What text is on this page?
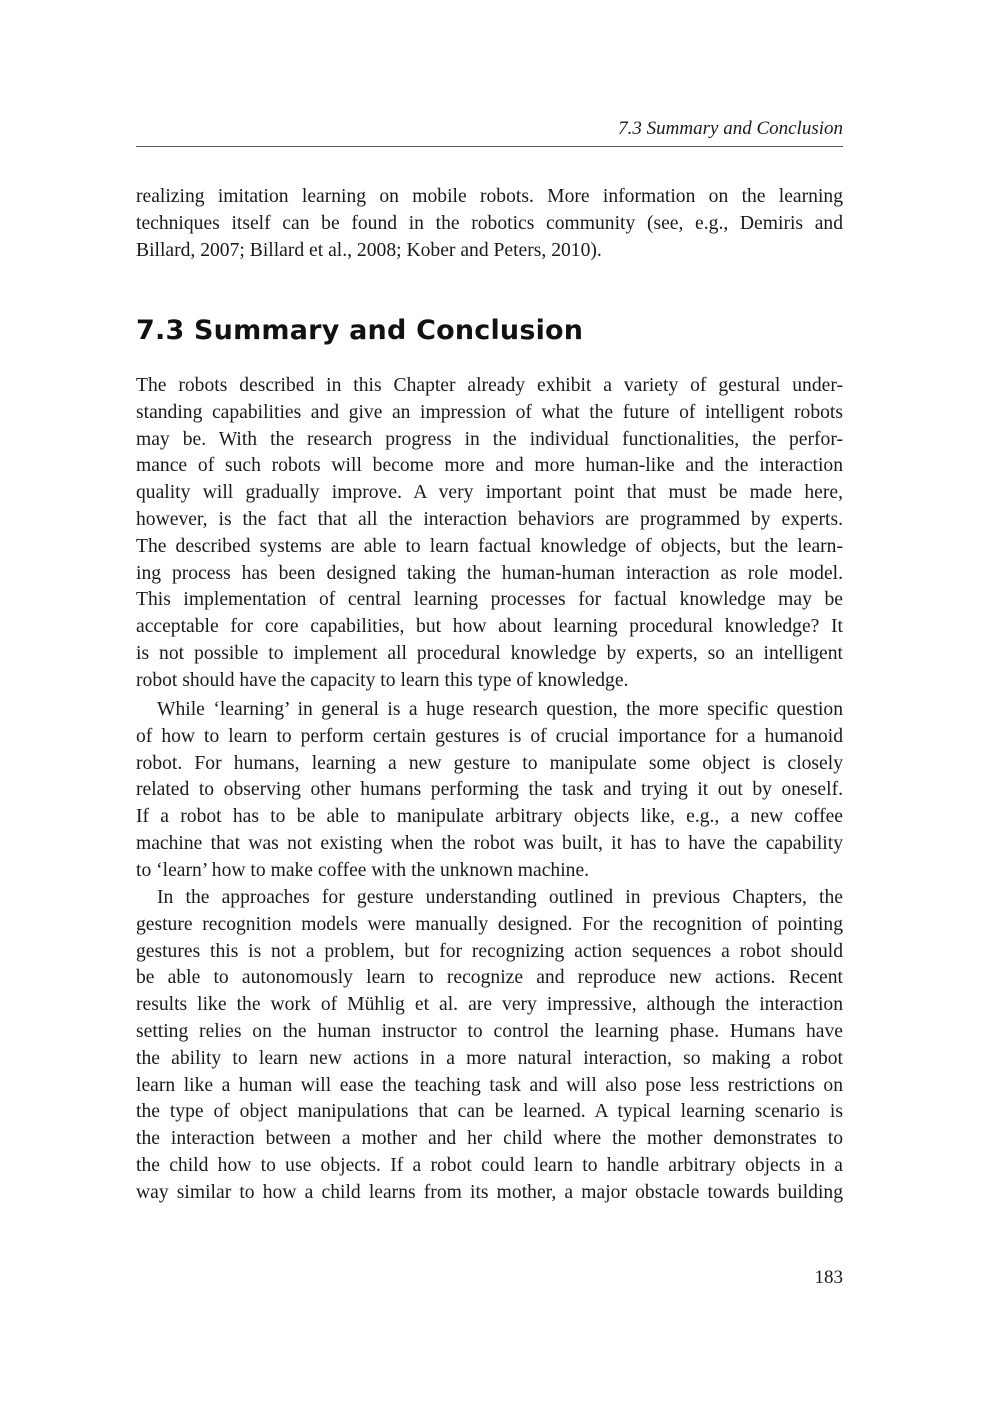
7.3 Summary and Conclusion

realizing imitation learning on mobile robots. More information on the learning
techniques itself can be found in the robotics community (see, e.g., Demiris and
Billard, 2007; Billard et al., 2008; Kober and Peters, 2010).

7.3 Summary and Conclusion

The robots described in this Chapter already exhibit a variety of gestural under-
standing capabilities and give an impression of what the future of intelligent robots
may be. With the research progress in the individual functionalities, the perfor-
mance of such robots will become more and more human-like and the interaction
quality will gradually improve. A very important point that must be made here,
however, is the fact that all the interaction behaviors are programmed by experts.
The described systems are able to learn factual knowledge of objects, but the learn-
ing process has been designed taking the human-human interaction as role model.
This implementation of central learning processes for factual knowledge may be
acceptable for core capabilities, but how about learning procedural knowledge? It
is not possible to implement all procedural knowledge by experts, so an intelligent
robot should have the capacity to learn this type of knowledge.

While ‘learning’ in general is a huge research question, the more specific question
of how to learn to perform certain gestures is of crucial importance for a humanoid
robot. For humans, learning a new gesture to manipulate some object is closely
related to observing other humans performing the task and trying it out by oneself.
If a robot has to be able to manipulate arbitrary objects like, e.g., a new coffee
machine that was not existing when the robot was built, it has to have the capability
to ‘learn’ how to make coffee with the unknown machine.

In the approaches for gesture understanding outlined in previous Chapters, the
gesture recognition models were manually designed. For the recognition of pointing
gestures this is not a problem, but for recognizing action sequences a robot should
be able to autonomously learn to recognize and reproduce new actions. Recent
results like the work of Mühlig et al. are very impressive, although the interaction
setting relies on the human instructor to control the learning phase. Humans have
the ability to learn new actions in a more natural interaction, so making a robot
learn like a human will ease the teaching task and will also pose less restrictions on
the type of object manipulations that can be learned. A typical learning scenario is
the interaction between a mother and her child where the mother demonstrates to
the child how to use objects. If a robot could learn to handle arbitrary objects in a
way similar to how a child learns from its mother, a major obstacle towards building

183
